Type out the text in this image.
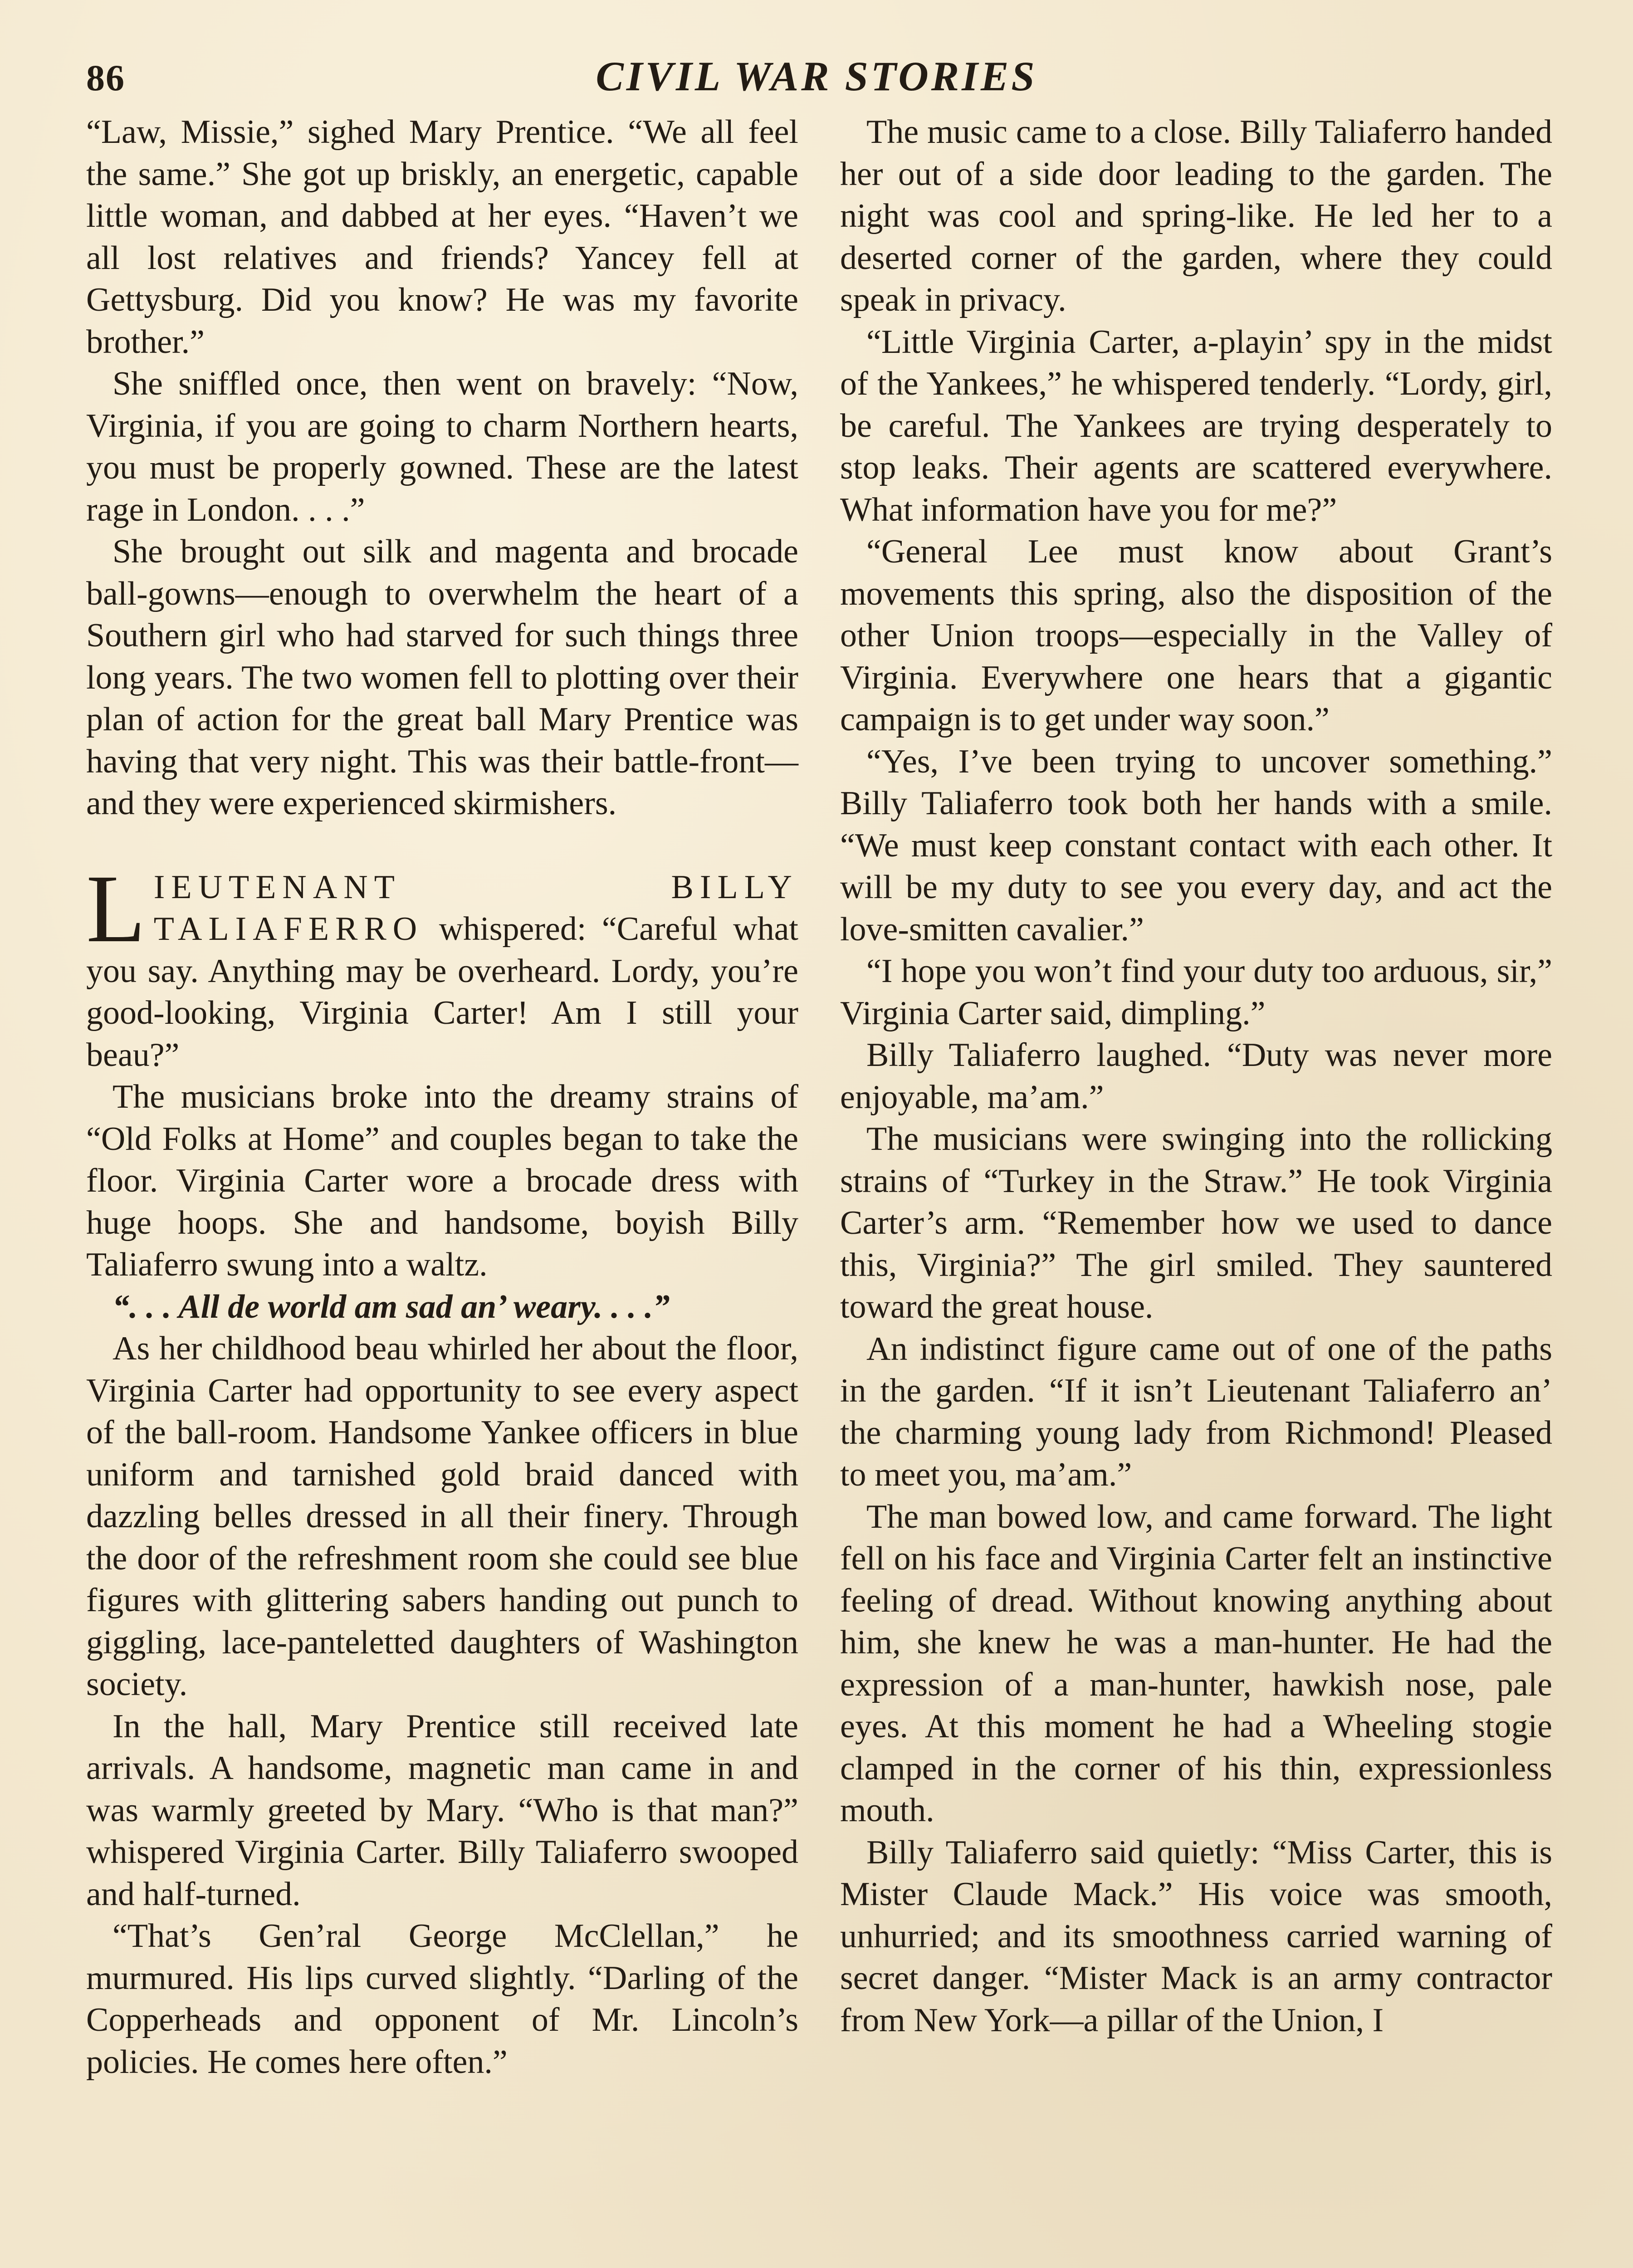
86	CIVIL WAR STORIES

“Law, Missie,” sighed Mary Prentice. “We all feel the same.” She got up briskly, an energetic, capable little woman, and dabbed at her eyes. “Haven’t we all lost relatives and friends? Yancey fell at Gettysburg. Did you know? He was my favorite brother.”

She sniffled once, then went on bravely: “Now, Virginia, if you are going to charm Northern hearts, you must be properly gowned. These are the latest rage in London. . . .”

She brought out silk and magenta and brocade ball-gowns—enough to overwhelm the heart of a Southern girl who had starved for such things three long years. The two women fell to plotting over their plan of action for the great ball Mary Prentice was having that very night. This was their battle-front—and they were experienced skirmishers.

LIEUTENANT BILLY TALIAFERRO whispered: “Careful what you say. Anything may be overheard. Lordy, you’re good-looking, Virginia Carter! Am I still your beau?”

The musicians broke into the dreamy strains of “Old Folks at Home” and couples began to take the floor. Virginia Carter wore a brocade dress with huge hoops. She and handsome, boyish Billy Taliaferro swung into a waltz.

“. . . All de world am sad an’ weary. . . .”

As her childhood beau whirled her about the floor, Virginia Carter had opportunity to see every aspect of the ball-room. Handsome Yankee officers in blue uniform and tarnished gold braid danced with dazzling belles dressed in all their finery. Through the door of the refreshment room she could see blue figures with glittering sabers handing out punch to giggling, lace-panteletted daughters of Washington society.

In the hall, Mary Prentice still received late arrivals. A handsome, magnetic man came in and was warmly greeted by Mary. “Who is that man?” whispered Virginia Carter. Billy Taliaferro swooped and half-turned.

“That’s Gen’ral George McClellan,” he murmured. His lips curved slightly. “Darling of the Copperheads and opponent of Mr. Lincoln’s policies. He comes here often.”

The music came to a close. Billy Taliaferro handed her out of a side door leading to the garden. The night was cool and spring-like. He led her to a deserted corner of the garden, where they could speak in privacy.

“Little Virginia Carter, a-playin’ spy in the midst of the Yankees,” he whispered tenderly. “Lordy, girl, be careful. The Yankees are trying desperately to stop leaks. Their agents are scattered everywhere. What information have you for me?”

“General Lee must know about Grant’s movements this spring, also the disposition of the other Union troops—especially in the Valley of Virginia. Everywhere one hears that a gigantic campaign is to get under way soon.”

“Yes, I’ve been trying to uncover something.” Billy Taliaferro took both her hands with a smile. “We must keep constant contact with each other. It will be my duty to see you every day, and act the love-smitten cavalier.”

“I hope you won’t find your duty too arduous, sir,” Virginia Carter said, dimpling.”

Billy Taliaferro laughed. “Duty was never more enjoyable, ma’am.”

The musicians were swinging into the rollicking strains of “Turkey in the Straw.” He took Virginia Carter’s arm. “Remember how we used to dance this, Virginia?” The girl smiled. They sauntered toward the great house.

An indistinct figure came out of one of the paths in the garden. “If it isn’t Lieutenant Taliaferro an’ the charming young lady from Richmond! Pleased to meet you, ma’am.”

The man bowed low, and came forward. The light fell on his face and Virginia Carter felt an instinctive feeling of dread. Without knowing anything about him, she knew he was a man-hunter. He had the expression of a man-hunter, hawkish nose, pale eyes. At this moment he had a Wheeling stogie clamped in the corner of his thin, expressionless mouth.

Billy Taliaferro said quietly: “Miss Carter, this is Mister Claude Mack.” His voice was smooth, unhurried; and its smoothness carried warning of secret danger. “Mister Mack is an army contractor from New York—a pillar of the Union, I
